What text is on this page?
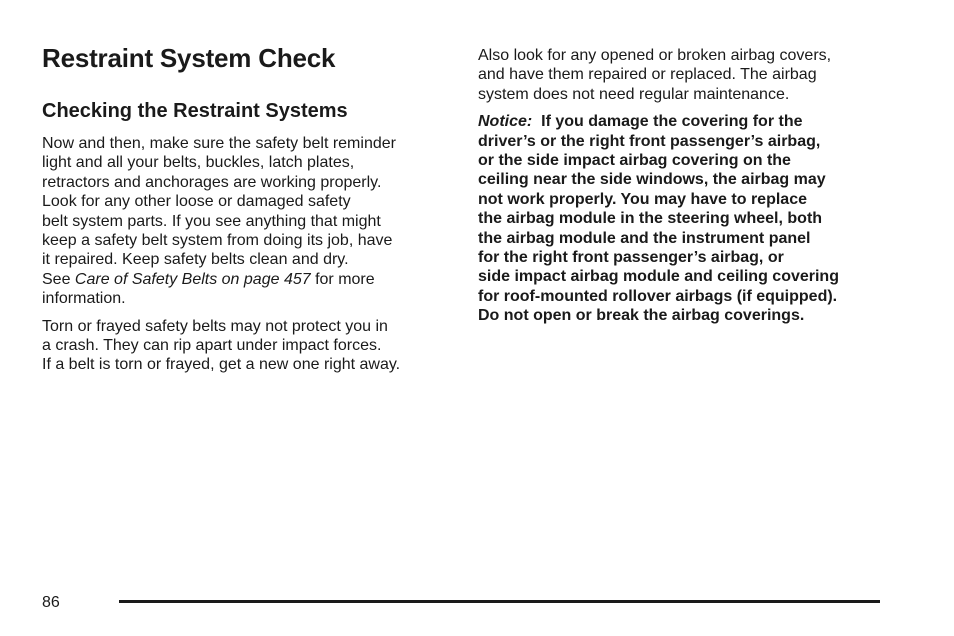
Restraint System Check
Checking the Restraint Systems

Now and then, make sure the safety belt reminder
light and all your belts, buckles, latch plates,
retractors and anchorages are working properly.
Look for any other loose or damaged safety
belt system parts. If you see anything that might
keep a safety belt system from doing its job, have
it repaired. Keep safety belts clean and dry.
See Care of Safety Belts on page 457 for more
information.

Torn or frayed safety belts may not protect you in
a crash. They can rip apart under impact forces.
If a belt is torn or frayed, get a new one right away.

Also look for any opened or broken airbag covers,
and have them repaired or replaced. The airbag
system does not need regular maintenance.

Notice: If you damage the covering for the
driver’s or the right front passenger’s airbag,
or the side impact airbag covering on the
ceiling near the side windows, the airbag may
not work properly. You may have to replace
the airbag module in the steering wheel, both
the airbag module and the instrument panel
for the right front passenger’s airbag, or
side impact airbag module and ceiling covering
for roof-mounted rollover airbags (if equipped).
Do not open or break the airbag coverings.

86
